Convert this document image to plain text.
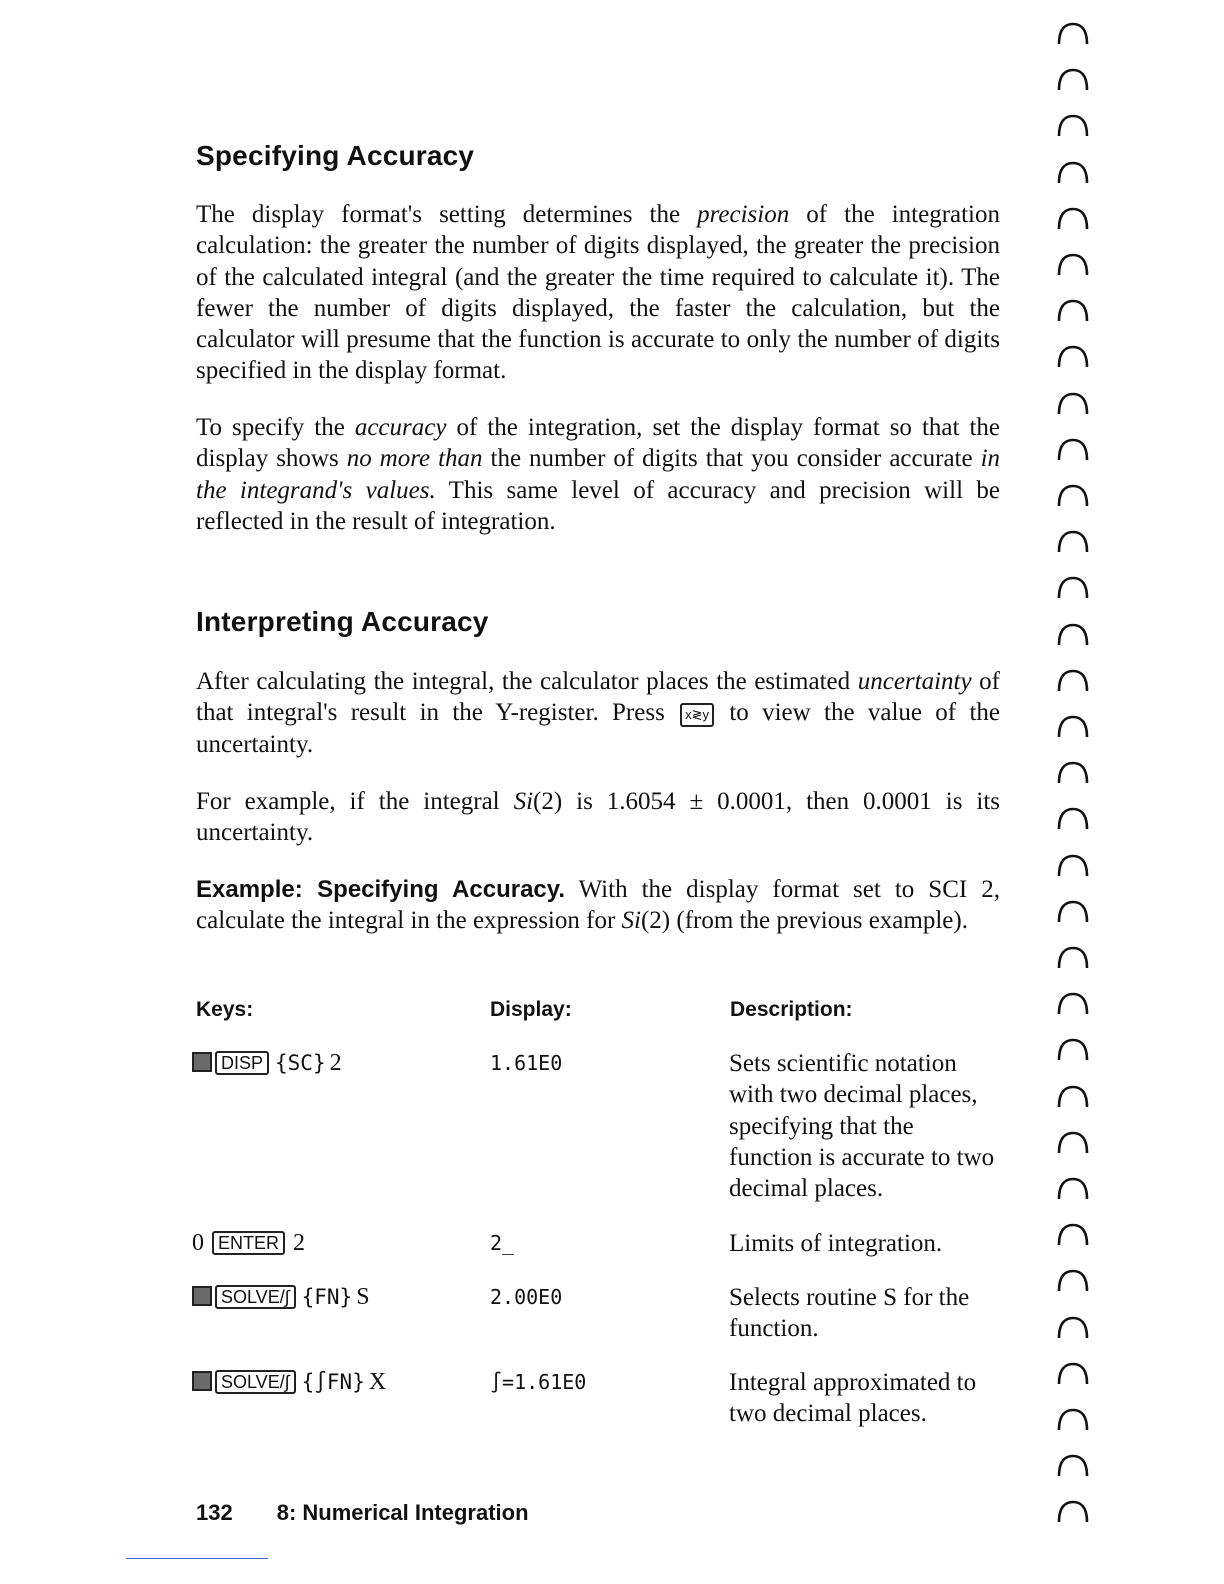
Specifying Accuracy
The display format's setting determines the precision of the integration calculation: the greater the number of digits displayed, the greater the precision of the calculated integral (and the greater the time required to calculate it). The fewer the number of digits displayed, the faster the calculation, but the calculator will presume that the function is accurate to only the number of digits specified in the display format.
To specify the accuracy of the integration, set the display format so that the display shows no more than the number of digits that you consider accurate in the integrand's values. This same level of accuracy and precision will be reflected in the result of integration.
Interpreting Accuracy
After calculating the integral, the calculator places the estimated uncertainty of that integral's result in the Y-register. Press x≷y to view the value of the uncertainty.
For example, if the integral Si(2) is 1.6054 ± 0.0001, then 0.0001 is its uncertainty.
Example: Specifying Accuracy. With the display format set to SCI 2, calculate the integral in the expression for Si(2) (from the previous example).
Keys:	Display:	Description:
DISP {SC} 2	1.61E0	Sets scientific notation with two decimal places, specifying that the function is accurate to two decimal places.
0 ENTER 2	2_	Limits of integration.
SOLVE/∫ {FN} S	2.00E0	Selects routine S for the function.
SOLVE/∫ {∫FN} X	∫=1.61E0	Integral approximated to two decimal places.
132 8: Numerical Integration
